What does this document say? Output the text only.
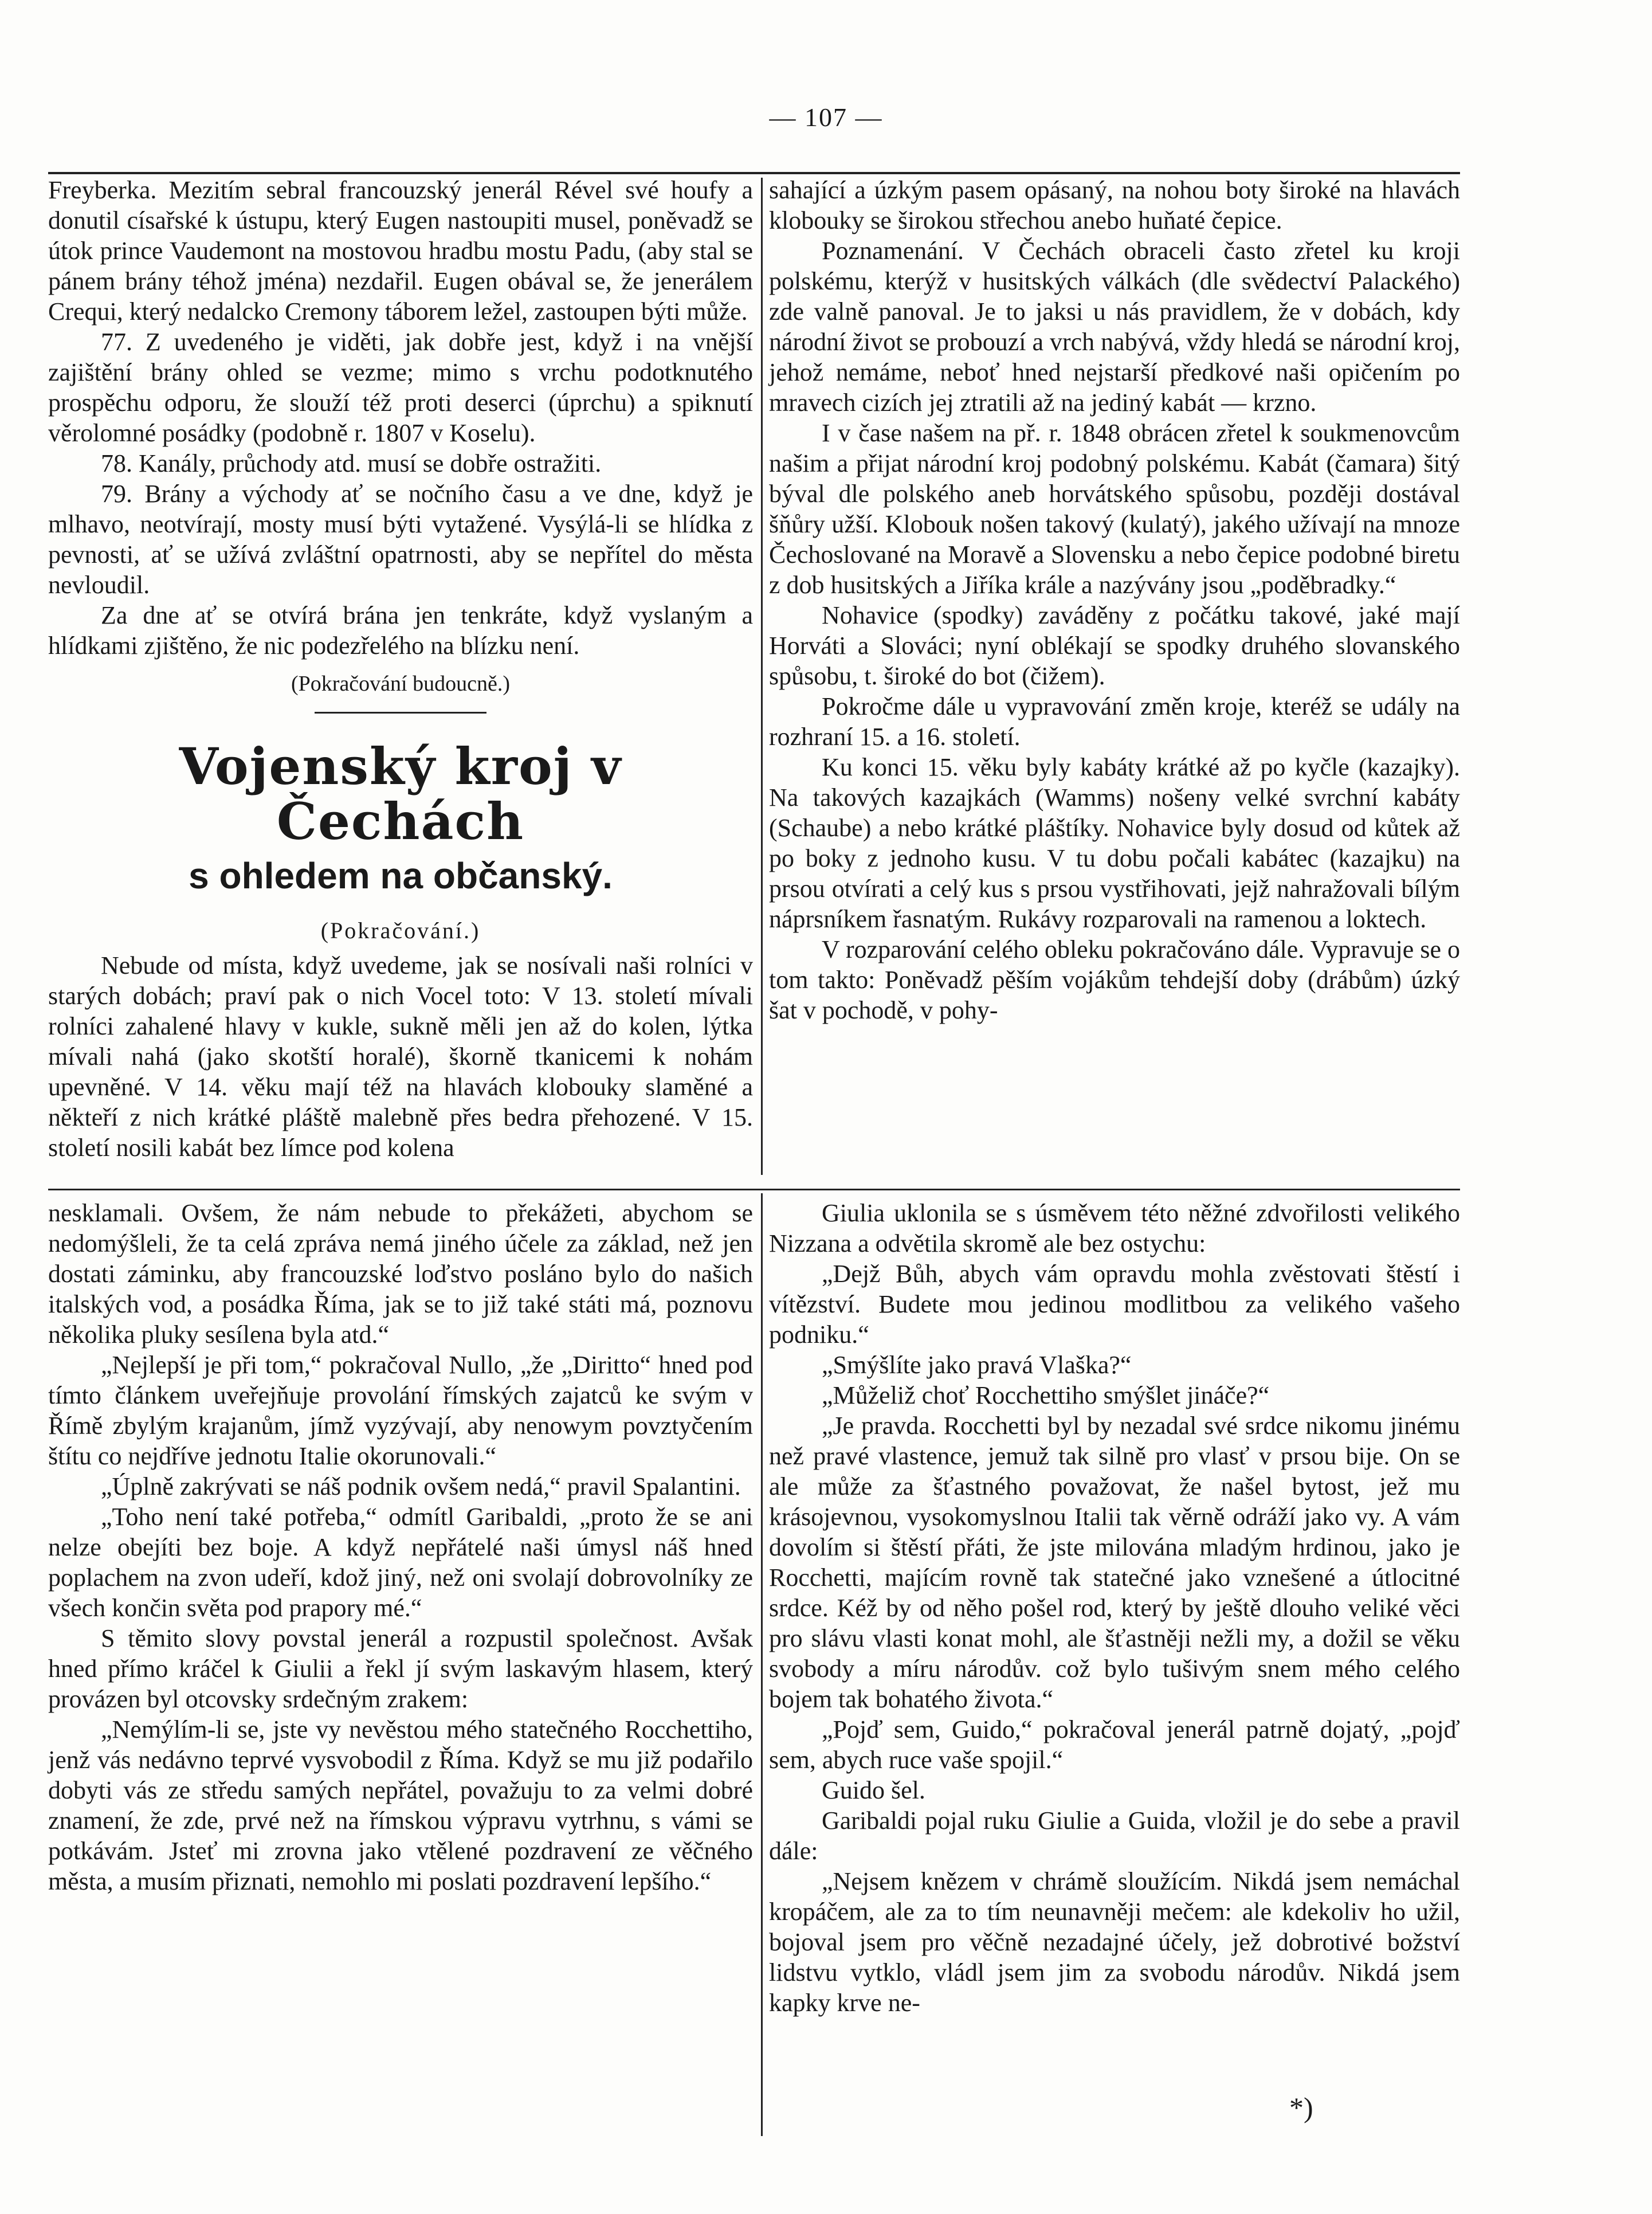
— 107 —

Freyberka. Mezitím sebral francouzský jenerál Rével své houfy a donutil císařské k ústupu, který Eugen nastoupiti musel, poněvadž se útok prince Vaudemont na mostovou hradbu mostu Padu, (aby stal se pánem brány téhož jména) nezdařil. Eugen obával se, že jenerálem Crequi, který nedalcko Cremony táborem ležel, zastoupen býti může.

77. Z uvedeného je viděti, jak dobře jest, když i na vnější zajištění brány ohled se vezme; mimo s vrchu podotknutého prospěchu odporu, že slouží též proti deserci (úprchu) a spiknutí věrolomné posádky (podobně r. 1807 v Koselu).

78. Kanály, průchody atd. musí se dobře ostražiti.

79. Brány a východy ať se nočního času a ve dne, když je mlhavo, neotvírají, mosty musí býti vytažené. Vysýlá-li se hlídka z pevnosti, ať se užívá zvláštní opatrnosti, aby se nepřítel do města nevloudil.

Za dne ať se otvírá brána jen tenkráte, když vyslaným a hlídkami zjištěno, že nic podezřelého na blízku není.

(Pokračování budoucně.)

Vojenský kroj v Čechách

s ohledem na občanský.

(Pokračování.)

Nebude od místa, když uvedeme, jak se nosívali naši rolníci v starých dobách; praví pak o nich Vocel toto: V 13. století mívali rolníci zahalené hlavy v kukle, sukně měli jen až do kolen, lýtka mívali nahá (jako skotští horalé), škorně tkanicemi k nohám upevněné. V 14. věku mají též na hlavách klobouky slaměné a někteří z nich krátké pláště malebně přes bedra přehozené. V 15. století nosili kabát bez límce pod kolena

sahající a úzkým pasem opásaný, na nohou boty široké na hlavách klobouky se širokou střechou anebo huňaté čepice.

Poznamenání. V Čechách obraceli často zřetel ku kroji polskému, kterýž v husitských válkách (dle svědectví Palackého) zde valně panoval. Je to jaksi u nás pravidlem, že v dobách, kdy národní život se probouzí a vrch nabývá, vždy hledá se národní kroj, jehož nemáme, neboť hned nejstarší předkové naši opičením po mravech cizích jej ztratili až na jediný kabát — krzno.

I v čase našem na př. r. 1848 obrácen zřetel k soukmenovcům našim a přijat národní kroj podobný polskému. Kabát (čamara) šitý býval dle polského aneb horvátského spůsobu, později dostával šňůry užší. Klobouk nošen takový (kulatý), jakého užívají na mnoze Čechoslované na Moravě a Slovensku a nebo čepice podobné biretu z dob husitských a Jiříka krále a nazývány jsou „poděbradky.“

Nohavice (spodky) zaváděny z počátku takové, jaké mají Horváti a Slováci; nyní oblékají se spodky druhého slovanského spůsobu, t. široké do bot (čižem).

Pokročme dále u vypravování změn kroje, kteréž se udály na rozhraní 15. a 16. století.

Ku konci 15. věku byly kabáty krátké až po kyčle (kazajky). Na takových kazajkách (Wamms) nošeny velké svrchní kabáty (Schaube) a nebo krátké pláštíky. Nohavice byly dosud od kůtek až po boky z jednoho kusu. V tu dobu počali kabátec (kazajku) na prsou otvírati a celý kus s prsou vystřihovati, jejž nahražovali bílým náprsníkem řasnatým. Rukávy rozparovali na ramenou a loktech.

V rozparování celého obleku pokračováno dále. Vypravuje se o tom takto: Poněvadž pěším vojákům tehdejší doby (drábům) úzký šat v pochodě, v pohy-

nesklamali. Ovšem, že nám nebude to překážeti, abychom se nedomýšleli, že ta celá zpráva nemá jiného účele za základ, než jen dostati záminku, aby francouzské loďstvo posláno bylo do našich italských vod, a posádka Říma, jak se to již také státi má, poznovu několika pluky sesílena byla atd.“

„Nejlepší je při tom,“ pokračoval Nullo, „že „Diritto“ hned pod tímto článkem uveřejňuje provolání římských zajatců ke svým v Římě zbylým krajanům, jímž vyzývají, aby nenowym povztyčením štítu co nejdříve jednotu Italie okorunovali.“

„Úplně zakrývati se náš podnik ovšem nedá,“ pravil Spalantini.

„Toho není také potřeba,“ odmítl Garibaldi, „proto že se ani nelze obejíti bez boje. A když nepřátelé naši úmysl náš hned poplachem na zvon udeří, kdož jiný, než oni svolají dobrovolníky ze všech končin světa pod prapory mé.“

S těmito slovy povstal jenerál a rozpustil společnost. Avšak hned přímo kráčel k Giulii a řekl jí svým laskavým hlasem, který provázen byl otcovsky srdečným zrakem:

„Nemýlím-li se, jste vy nevěstou mého statečného Rocchettiho, jenž vás nedávno teprvé vysvobodil z Říma. Když se mu již podařilo dobyti vás ze středu samých nepřátel, považuju to za velmi dobré znamení, že zde, prvé než na římskou výpravu vytrhnu, s vámi se potkávám. Jsteť mi zrovna jako vtělené pozdravení ze věčného města, a musím přiznati, nemohlo mi poslati pozdravení lepšího.“

Giulia uklonila se s úsměvem této něžné zdvořilosti velikého Nizzana a odvětila skromě ale bez ostychu:

„Dejž Bůh, abych vám opravdu mohla zvěstovati štěstí i vítězství. Budete mou jedinou modlitbou za velikého vašeho podniku.“

„Smýšlíte jako pravá Vlaška?“

„Můželiž choť Rocchettiho smýšlet jináče?“

„Je pravda. Rocchetti byl by nezadal své srdce nikomu jinému než pravé vlastence, jemuž tak silně pro vlasť v prsou bije. On se ale může za šťastného považovat, že našel bytost, jež mu krásojevnou, vysokomyslnou Italii tak věrně odráží jako vy. A vám dovolím si štěstí přáti, že jste milována mladým hrdinou, jako je Rocchetti, majícím rovně tak statečné jako vznešené a útlocitné srdce. Kéž by od něho pošel rod, který by ještě dlouho veliké věci pro slávu vlasti konat mohl, ale šťastněji nežli my, a dožil se věku svobody a míru národův. což bylo tušivým snem mého celého bojem tak bohatého života.“

„Pojď sem, Guido,“ pokračoval jenerál patrně dojatý, „pojď sem, abych ruce vaše spojil.“

Guido šel.

Garibaldi pojal ruku Giulie a Guida, vložil je do sebe a pravil dále:

„Nejsem knězem v chrámě sloužícím. Nikdá jsem nemáchal kropáčem, ale za to tím neunavněji mečem: ale kdekoliv ho užil, bojoval jsem pro věčně nezadajné účely, jež dobrotivé božství lidstvu vytklo, vládl jsem jim za svobodu národův. Nikdá jsem kapky krve ne-

*)
